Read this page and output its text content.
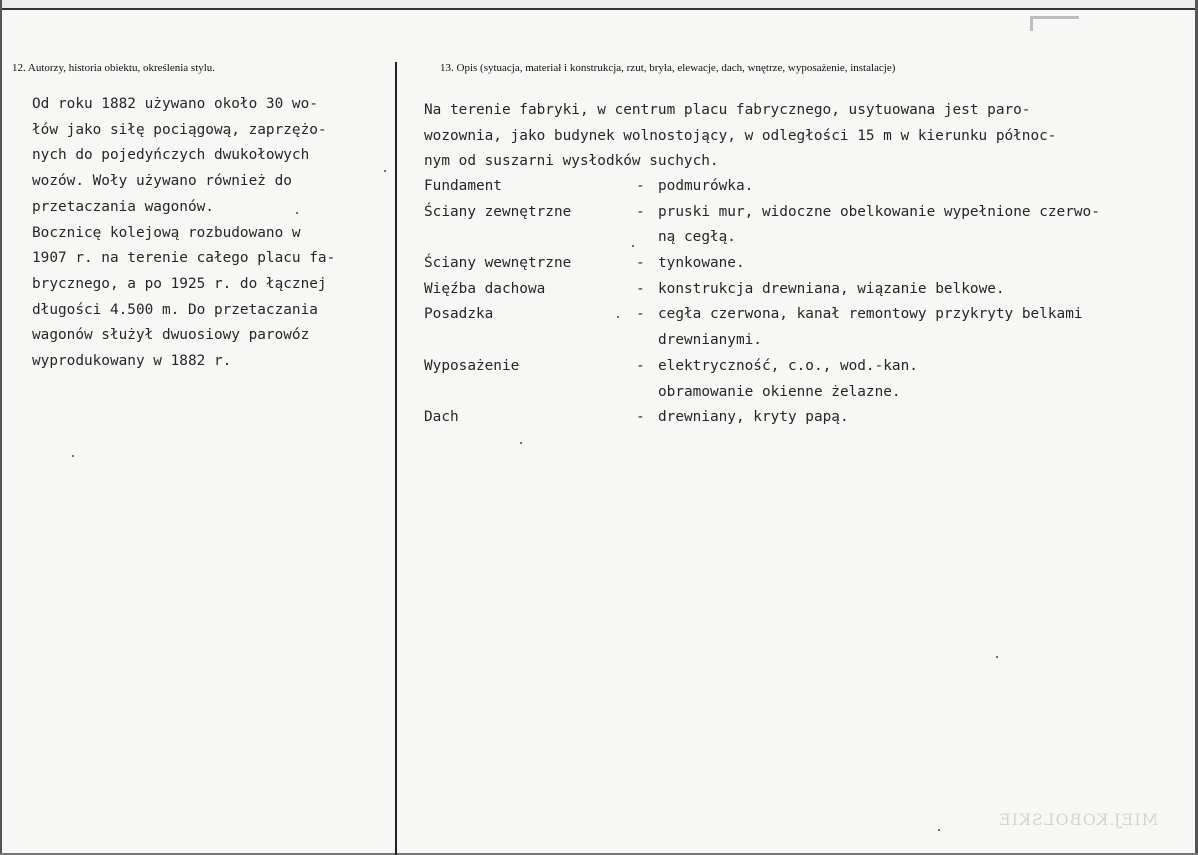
12. Autorzy, historia obiektu, określenia stylu.
Od roku 1882 używano około 30 wo-
łów jako siłę pociągową, zaprzężo-
nych do pojedyńczych dwukołowych
wozów. Woły używano również do
przetaczania wagonów.
Bocznicę kolejową rozbudowano w
1907 r. na terenie całego placu fa-
brycznego, a po 1925 r. do łącznej
długości 4.500 m. Do przetaczania
wagonów służył dwuosiowy parowóz
wyprodukowany w 1882 r.
13. Opis (sytuacja, materiał i konstrukcja, rzut, bryła, elewacje, dach, wnętrze, wyposażenie, instalacje)
Na terenie fabryki, w centrum placu fabrycznego, usytuowana jest paro-
wozownia, jako budynek wolnostojący, w odległości 15 m w kierunku północ-
nym od suszarni wysłodków suchych.
Fundament	- podmurówka.
Ściany zewnętrzne	- pruski mur, widoczne obelkowanie wypełnione czerwo-
ną cegłą.
Ściany wewnętrzne	- tynkowane.
Więźba dachowa	- konstrukcja drewniana, wiązanie belkowe.
Posadzka	- cegła czerwona, kanał remontowy przykryty belkami
drewnianymi.
Wyposażenie	- elektryczność, c.o., wod.-kan.
obramowanie okienne żelazne.
Dach	- drewniany, kryty papą.
MIEJ.KOBOLSKIE
